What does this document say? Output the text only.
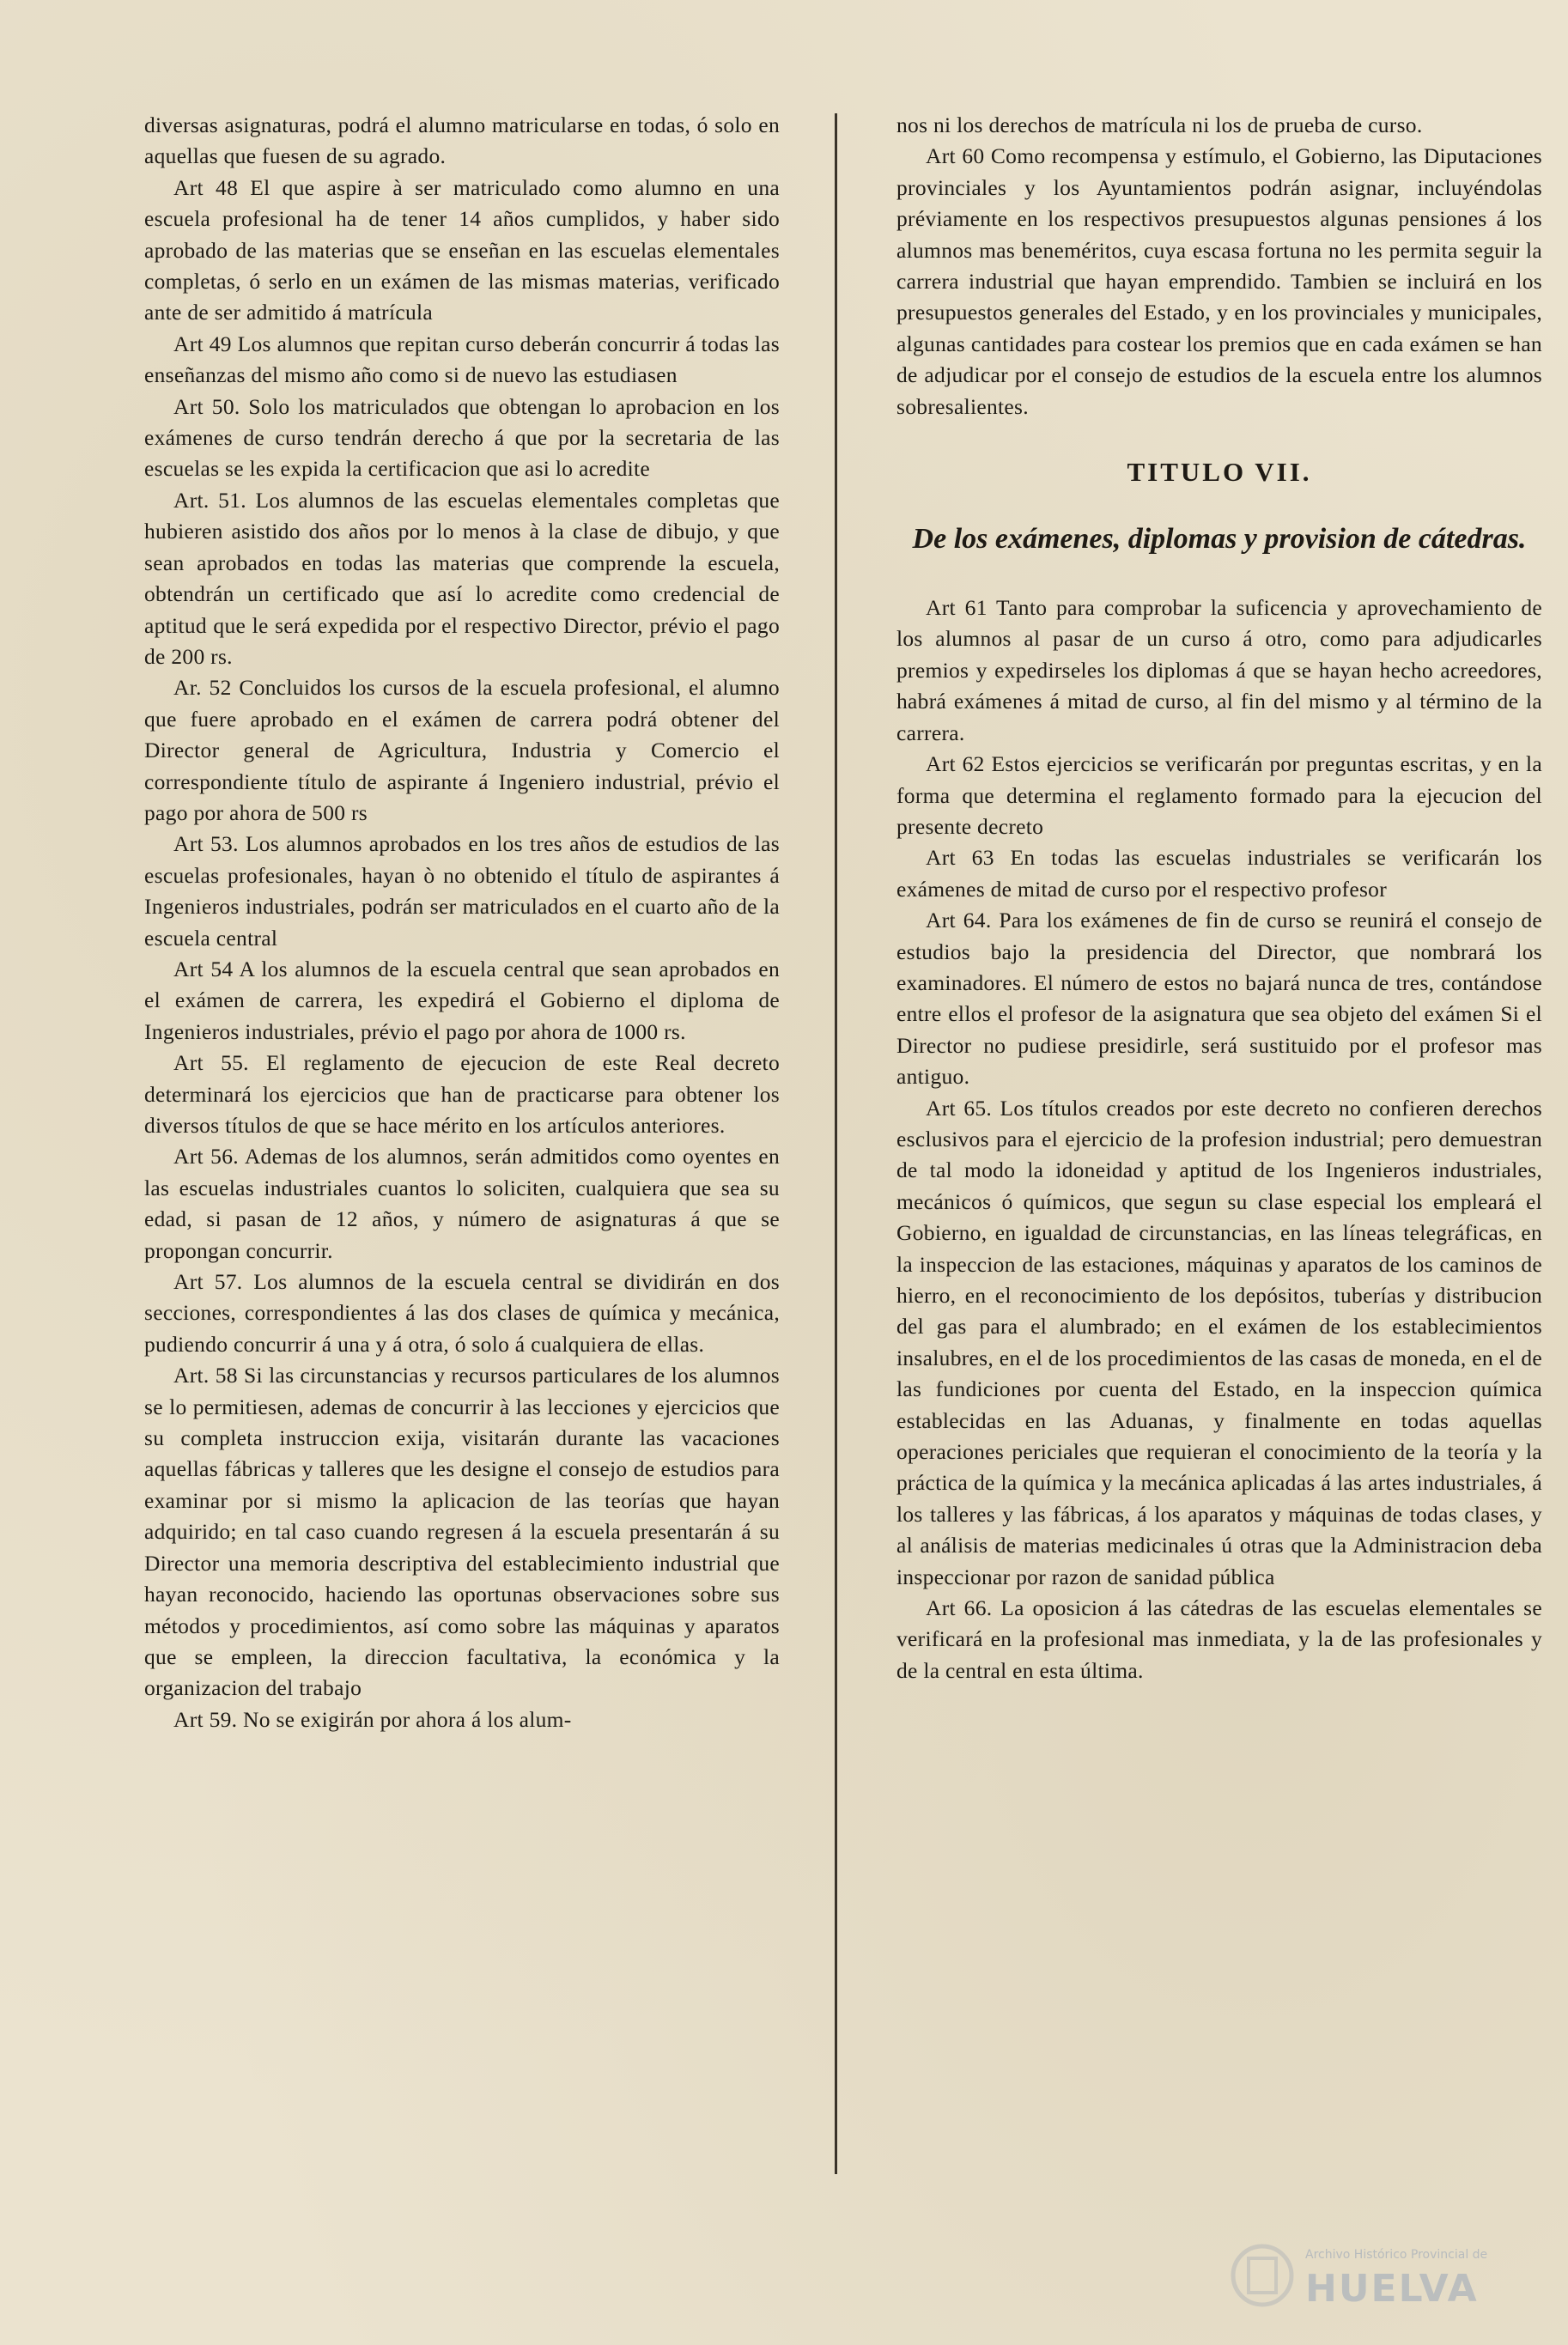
diversas asignaturas, podrá el alumno matricularse en todas, ó solo en aquellas que fuesen de su agrado.

Art 48 El que aspire à ser matriculado como alumno en una escuela profesional ha de tener 14 años cumplidos, y haber sido aprobado de las materias que se enseñan en las escuelas elementales completas, ó serlo en un exámen de las mismas materias, verificado ante de ser admitido á matrícula

Art 49 Los alumnos que repitan curso deberán concurrir á todas las enseñanzas del mismo año como si de nuevo las estudiasen

Art 50. Solo los matriculados que obtengan lo aprobacion en los exámenes de curso tendrán derecho á que por la secretaria de las escuelas se les expida la certificacion que asi lo acredite

Art. 51. Los alumnos de las escuelas elementales completas que hubieren asistido dos años por lo menos à la clase de dibujo, y que sean aprobados en todas las materias que comprende la escuela, obtendrán un certificado que así lo acredite como credencial de aptitud que le será expedida por el respectivo Director, prévio el pago de 200 rs.

Ar. 52 Concluidos los cursos de la escuela profesional, el alumno que fuere aprobado en el exámen de carrera podrá obtener del Director general de Agricultura, Industria y Comercio el correspondiente título de aspirante á Ingeniero industrial, prévio el pago por ahora de 500 rs

Art 53. Los alumnos aprobados en los tres años de estudios de las escuelas profesionales, hayan ò no obtenido el título de aspirantes á Ingenieros industriales, podrán ser matriculados en el cuarto año de la escuela central

Art 54 A los alumnos de la escuela central que sean aprobados en el exámen de carrera, les expedirá el Gobierno el diploma de Ingenieros industriales, prévio el pago por ahora de 1000 rs.

Art 55. El reglamento de ejecucion de este Real decreto determinará los ejercicios que han de practicarse para obtener los diversos títulos de que se hace mérito en los artículos anteriores.

Art 56. Ademas de los alumnos, serán admitidos como oyentes en las escuelas industriales cuantos lo soliciten, cualquiera que sea su edad, si pasan de 12 años, y número de asignaturas á que se propongan concurrir.

Art 57. Los alumnos de la escuela central se dividirán en dos secciones, correspondientes á las dos clases de química y mecánica, pudiendo concurrir á una y á otra, ó solo á cualquiera de ellas.

Art. 58 Si las circunstancias y recursos particulares de los alumnos se lo permitiesen, ademas de concurrir à las lecciones y ejercicios que su completa instruccion exija, visitarán durante las vacaciones aquellas fábricas y talleres que les designe el consejo de estudios para examinar por si mismo la aplicacion de las teorías que hayan adquirido; en tal caso cuando regresen á la escuela presentarán á su Director una memoria descriptiva del establecimiento industrial que hayan reconocido, haciendo las oportunas observaciones sobre sus métodos y procedimientos, así como sobre las máquinas y aparatos que se empleen, la direccion facultativa, la económica y la organizacion del trabajo

Art 59. No se exigirán por ahora á los alum-

nos ni los derechos de matrícula ni los de prueba de curso.

Art 60 Como recompensa y estímulo, el Gobierno, las Diputaciones provinciales y los Ayuntamientos podrán asignar, incluyéndolas préviamente en los respectivos presupuestos algunas pensiones á los alumnos mas beneméritos, cuya escasa fortuna no les permita seguir la carrera industrial que hayan emprendido. Tambien se incluirá en los presupuestos generales del Estado, y en los provinciales y municipales, algunas cantidades para costear los premios que en cada exámen se han de adjudicar por el consejo de estudios de la escuela entre los alumnos sobresalientes.

TITULO VII.
De los exámenes, diplomas y provision de cátedras.

Art 61 Tanto para comprobar la suficencia y aprovechamiento de los alumnos al pasar de un curso á otro, como para adjudicarles premios y expedirseles los diplomas á que se hayan hecho acreedores, habrá exámenes á mitad de curso, al fin del mismo y al término de la carrera.

Art 62 Estos ejercicios se verificarán por preguntas escritas, y en la forma que determina el reglamento formado para la ejecucion del presente decreto

Art 63 En todas las escuelas industriales se verificarán los exámenes de mitad de curso por el respectivo profesor

Art 64. Para los exámenes de fin de curso se reunirá el consejo de estudios bajo la presidencia del Director, que nombrará los examinadores. El número de estos no bajará nunca de tres, contándose entre ellos el profesor de la asignatura que sea objeto del exámen Si el Director no pudiese presidirle, será sustituido por el profesor mas antiguo.

Art 65. Los títulos creados por este decreto no confieren derechos esclusivos para el ejercicio de la profesion industrial; pero demuestran de tal modo la idoneidad y aptitud de los Ingenieros industriales, mecánicos ó químicos, que segun su clase especial los empleará el Gobierno, en igualdad de circunstancias, en las líneas telegráficas, en la inspeccion de las estaciones, máquinas y aparatos de los caminos de hierro, en el reconocimiento de los depósitos, tuberías y distribucion del gas para el alumbrado; en el exámen de los establecimientos insalubres, en el de los procedimientos de las casas de moneda, en el de las fundiciones por cuenta del Estado, en la inspeccion química establecidas en las Aduanas, y finalmente en todas aquellas operaciones periciales que requieran el conocimiento de la teoría y la práctica de la química y la mecánica aplicadas á las artes industriales, á los talleres y las fábricas, á los aparatos y máquinas de todas clases, y al análisis de materias medicinales ú otras que la Administracion deba inspeccionar por razon de sanidad pública

Art 66. La oposicion á las cátedras de las escuelas elementales se verificará en la profesional mas inmediata, y la de las profesionales y de la central en esta última.

Archivo Histórico Provincial de
HUELVA
